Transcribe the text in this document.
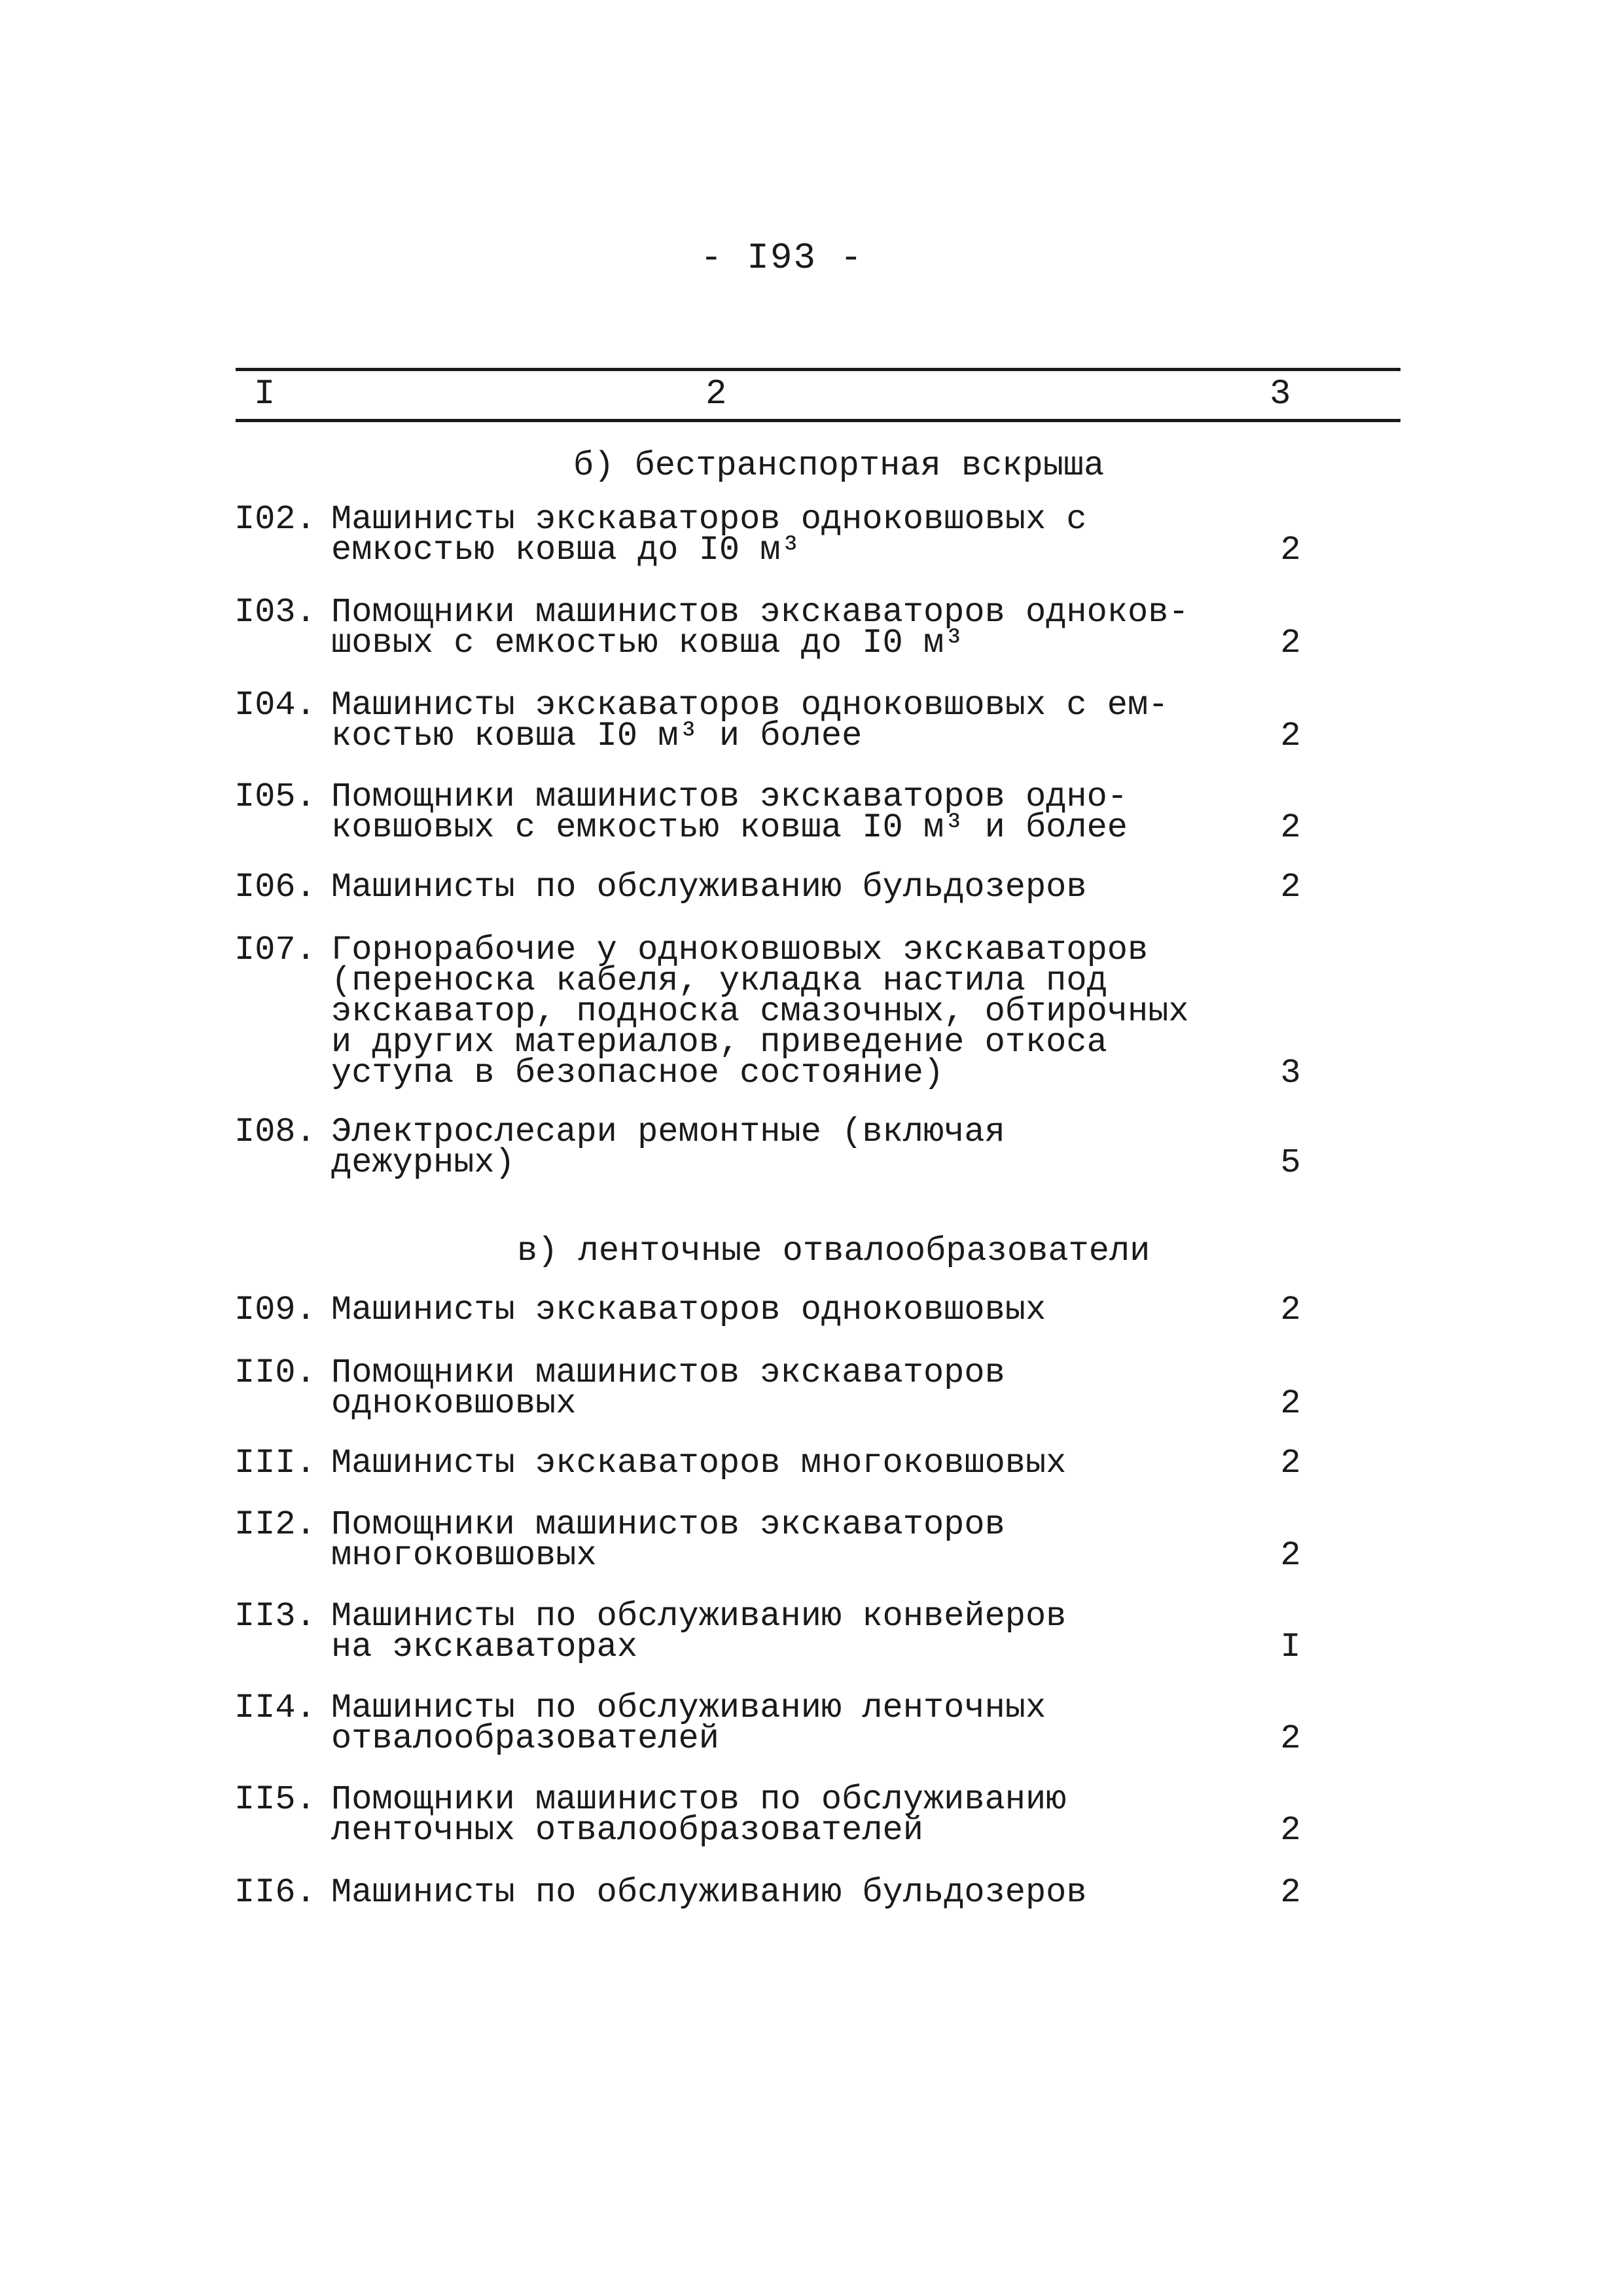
- I93 -
I	2	3
б) бестранспортная вскрыша
I02. Машинисты экскаваторов одноковшовых с
емкостью ковша до I0 м³	2
I03. Помощники машинистов экскаваторов одноков-
шовых с емкостью ковша до I0 м³	2
I04. Машинисты экскаваторов одноковшовых с ем-
костью ковша I0 м³ и более	2
I05. Помощники машинистов экскаваторов одно-
ковшовых с емкостью ковша I0 м³ и более	2
I06. Машинисты по обслуживанию бульдозеров	2
I07. Горнорабочие у одноковшовых экскаваторов
(переноска кабеля, укладка настила под
экскаватор, подноска смазочных, обтирочных
и других материалов, приведение откоса
уступа в безопасное состояние)	3
I08. Электрослесари ремонтные (включая
дежурных)	5
в) ленточные отвалообразователи
I09. Машинисты экскаваторов одноковшовых	2
II0. Помощники машинистов экскаваторов
одноковшовых	2
III. Машинисты экскаваторов многоковшовых	2
II2. Помощники машинистов экскаваторов
многоковшовых	2
II3. Машинисты по обслуживанию конвейеров
на экскаваторах	I
II4. Машинисты по обслуживанию ленточных
отвалообразователей	2
II5. Помощники машинистов по обслуживанию
ленточных отвалообразователей	2
II6. Машинисты по обслуживанию бульдозеров	2
